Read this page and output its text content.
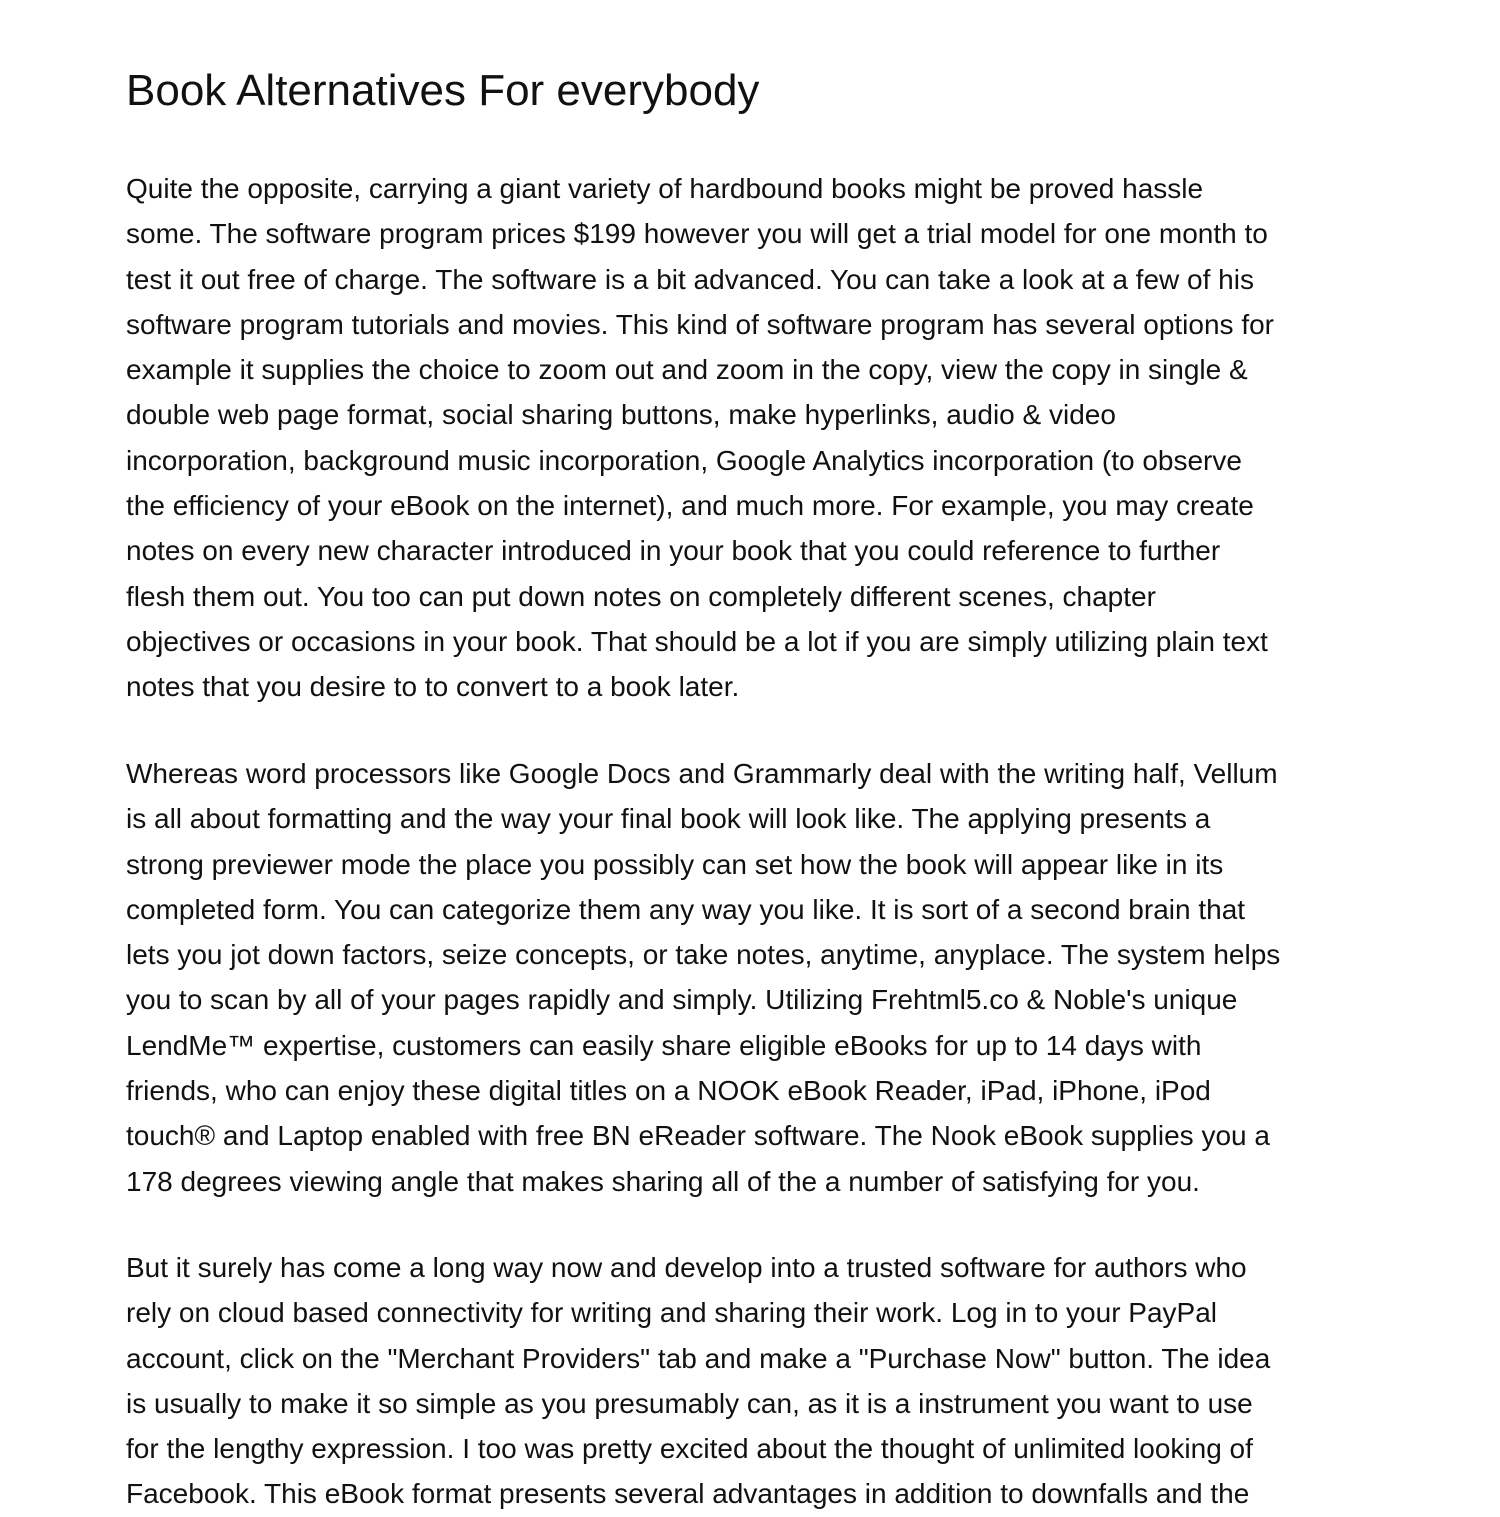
Book Alternatives For everybody
Quite the opposite, carrying a giant variety of hardbound books might be proved hassle
some. The software program prices $199 however you will get a trial model for one month to
test it out free of charge. The software is a bit advanced. You can take a look at a few of his
software program tutorials and movies. This kind of software program has several options for
example it supplies the choice to zoom out and zoom in the copy, view the copy in single &
double web page format, social sharing buttons, make hyperlinks, audio & video
incorporation, background music incorporation, Google Analytics incorporation (to observe
the efficiency of your eBook on the internet), and much more. For example, you may create
notes on every new character introduced in your book that you could reference to further
flesh them out. You too can put down notes on completely different scenes, chapter
objectives or occasions in your book. That should be a lot if you are simply utilizing plain text
notes that you desire to to convert to a book later.
Whereas word processors like Google Docs and Grammarly deal with the writing half, Vellum
is all about formatting and the way your final book will look like. The applying presents a
strong previewer mode the place you possibly can set how the book will appear like in its
completed form. You can categorize them any way you like. It is sort of a second brain that
lets you jot down factors, seize concepts, or take notes, anytime, anyplace. The system helps
you to scan by all of your pages rapidly and simply. Utilizing Frehtml5.co & Noble's unique
LendMe™ expertise, customers can easily share eligible eBooks for up to 14 days with
friends, who can enjoy these digital titles on a NOOK eBook Reader, iPad, iPhone, iPod
touch® and Laptop enabled with free BN eReader software. The Nook eBook supplies you a
178 degrees viewing angle that makes sharing all of the a number of satisfying for you.
But it surely has come a long way now and develop into a trusted software for authors who
rely on cloud based connectivity for writing and sharing their work. Log in to your PayPal
account, click on the "Merchant Providers" tab and make a "Purchase Now" button. The idea
is usually to make it so simple as you presumably can, as it is a instrument you want to use
for the lengthy expression. I too was pretty excited about the thought of unlimited looking of
Facebook. This eBook format presents several advantages in addition to downfalls and the
